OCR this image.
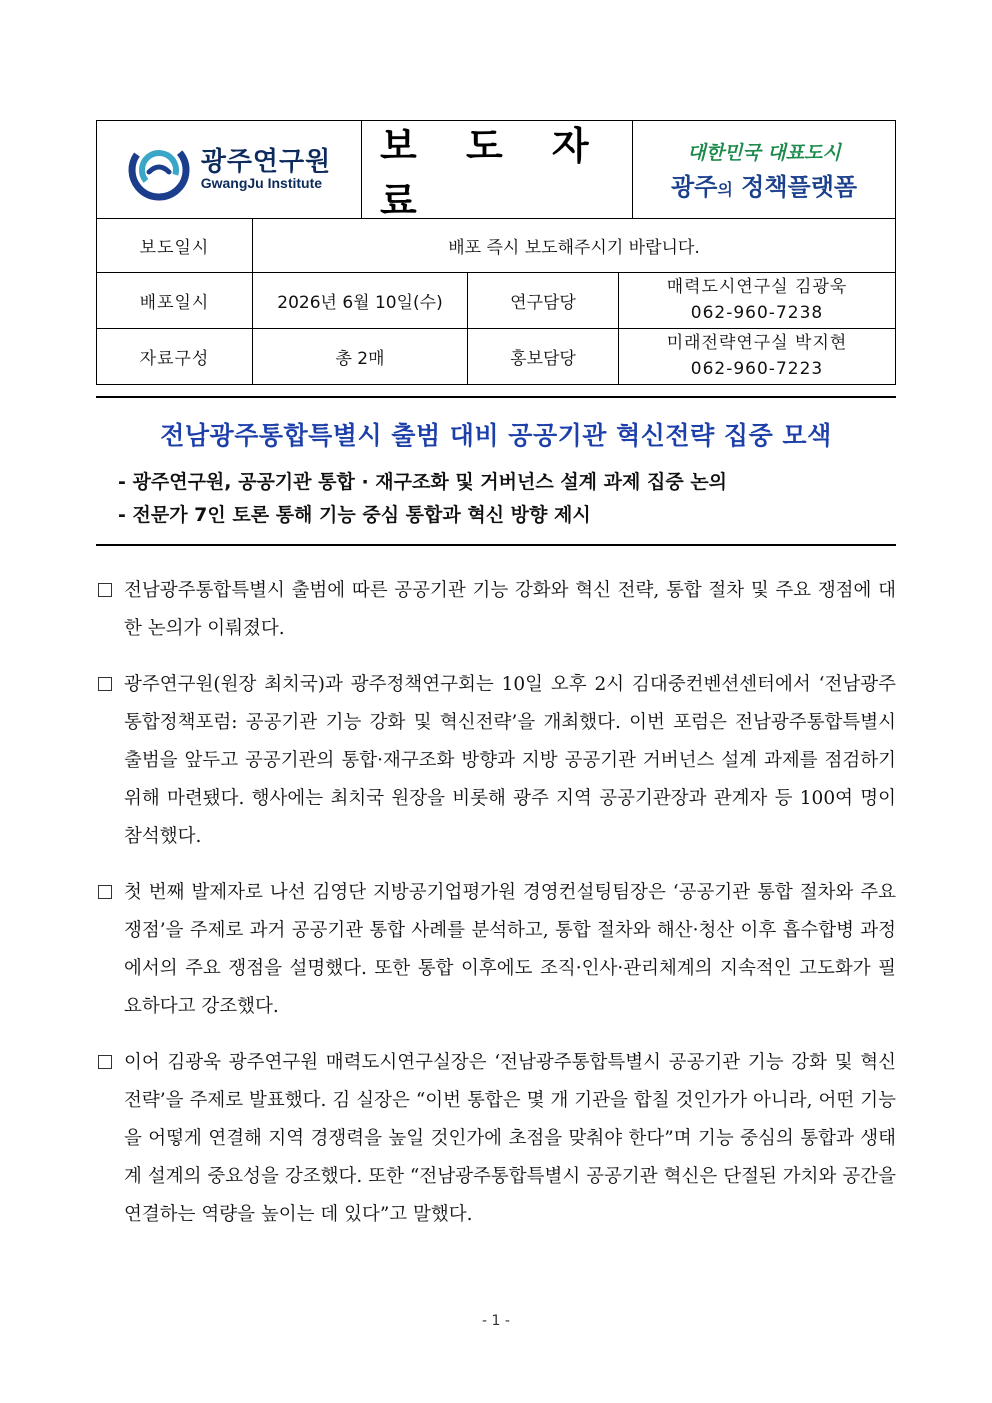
광주연구원
GwangJu Institute
보 도 자 료
대한민국 대표도시
광주의 정책플랫폼
보도일시	배포 즉시 보도해주시기 바랍니다.		
배포일시	2026년 6월 10일(수)	연구담당	매력도시연구실 김광욱
062-960-7238

자료구성	총 2매	홍보담당	미래전략연구실 박지현
062-960-7223
전남광주통합특별시 출범 대비 공공기관 혁신전략 집중 모색
- 광주연구원, 공공기관 통합 · 재구조화 및 거버넌스 설계 과제 집중 논의
- 전문가 7인 토론 통해 기능 중심 통합과 혁신 방향 제시
전남광주통합특별시 출범에 따른 공공기관 기능 강화와 혁신 전략, 통합 절차 및 주요 쟁점에 대한 논의가 이뤄졌다.
광주연구원(원장 최치국)과 광주정책연구회는 10일 오후 2시 김대중컨벤션센터에서 ‘전남광주 통합정책포럼: 공공기관 기능 강화 및 혁신전략’을 개최했다. 이번 포럼은 전남광주통합특별시 출범을 앞두고 공공기관의 통합·재구조화 방향과 지방 공공기관 거버넌스 설계 과제를 점검하기 위해 마련됐다. 행사에는 최치국 원장을 비롯해 광주 지역 공공기관장과 관계자 등 100여 명이 참석했다.
첫 번째 발제자로 나선 김영단 지방공기업평가원 경영컨설팅팀장은 ‘공공기관 통합 절차와 주요 쟁점’을 주제로 과거 공공기관 통합 사례를 분석하고, 통합 절차와 해산·청산 이후 흡수합병 과정에서의 주요 쟁점을 설명했다. 또한 통합 이후에도 조직·인사·관리체계의 지속적인 고도화가 필요하다고 강조했다.
이어 김광욱 광주연구원 매력도시연구실장은 ‘전남광주통합특별시 공공기관 기능 강화 및 혁신전략’을 주제로 발표했다. 김 실장은 “이번 통합은 몇 개 기관을 합칠 것인가가 아니라, 어떤 기능을 어떻게 연결해 지역 경쟁력을 높일 것인가에 초점을 맞춰야 한다”며 기능 중심의 통합과 생태계 설계의 중요성을 강조했다. 또한 “전남광주통합특별시 공공기관 혁신은 단절된 가치와 공간을 연결하는 역량을 높이는 데 있다”고 말했다.
- 1 -
